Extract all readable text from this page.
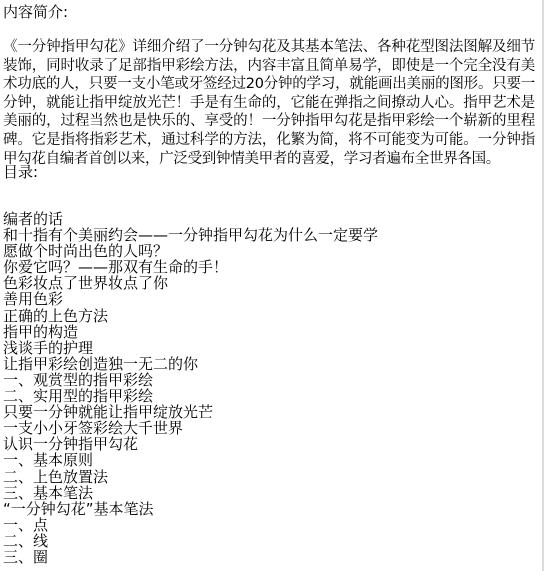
内容简介:
《一分钟指甲勾花》详细介绍了一分钟勾花及其基本笔法、各种花型图法图解及细节装饰，同时收录了足部指甲彩绘方法，内容丰富且简单易学，即使是一个完全没有美术功底的人，只要一支小笔或牙签经过20分钟的学习，就能画出美丽的图形。只要一分钟，就能让指甲绽放光芒！手是有生命的，它能在弹指之间撩动人心。指甲艺术是美丽的，过程当然也是快乐的、享受的！一分钟指甲勾花是指甲彩绘一个崭新的里程碑。它是指将指彩艺术，通过科学的方法，化繁为简，将不可能变为可能。一分钟指甲勾花自编者首创以来，广泛受到钟情美甲者的喜爱，学习者遍布全世界各国。
目录:
编者的话
和十指有个美丽约会——一分钟指甲勾花为什么一定要学
愿做个时尚出色的人吗？
你爱它吗？——那双有生命的手！
色彩妆点了世界妆点了你
善用色彩
正确的上色方法
指甲的构造
浅谈手的护理
让指甲彩绘创造独一无二的你
一、观赏型的指甲彩绘
二、实用型的指甲彩绘
只要一分钟就能让指甲绽放光芒
一支小小牙签彩绘大千世界
认识一分钟指甲勾花
一、基本原则
二、上色放置法
三、基本笔法
“一分钟勾花”基本笔法
一、点
二、线
三、圈
